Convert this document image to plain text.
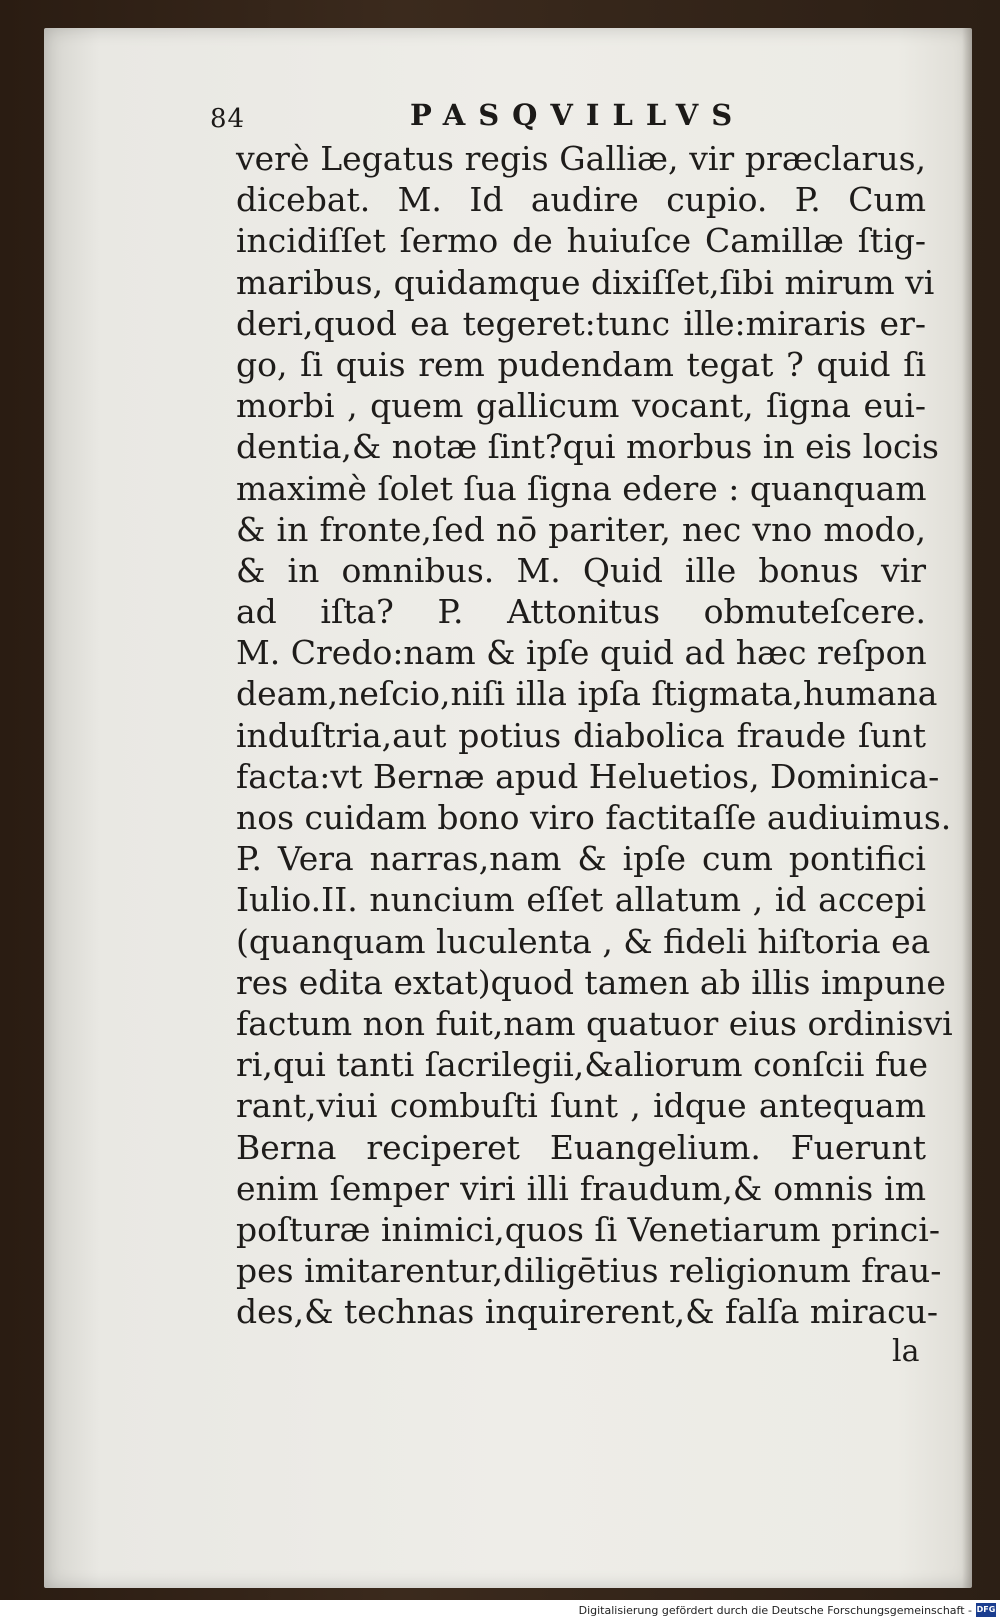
84	PASQVILLVS
verè Legatus regis Galliæ, vir præclarus,
dicebat. M. Id audire cupio. P. Cum
incidiſſet ſermo de huiuſce Camillæ ſtig-
maribus, quidamque dixiſſet,ſibi mirum vi
deri,quod ea tegeret:tunc ille:miraris er-
go, ſi quis rem pudendam tegat ? quid ſi
morbi , quem gallicum vocant, ſigna eui-
dentia,& notæ ſint?qui morbus in eis locis
maximè ſolet ſua ſigna edere : quanquam
& in fronte,ſed nō pariter, nec vno modo,
& in omnibus. M. Quid ille bonus vir
ad iſta? P. Attonitus obmuteſcere.
M. Credo:nam & ipſe quid ad hæc reſpon
deam,neſcio,niſi illa ipſa ſtigmata,humana
induſtria,aut potius diabolica fraude ſunt
facta:vt Bernæ apud Heluetios, Dominica-
nos cuidam bono viro factitaſſe audiuimus.
P. Vera narras,nam & ipſe cum pontifici
Iulio.II. nuncium eſſet allatum , id accepi
(quanquam luculenta , & fideli hiſtoria ea
res edita extat)quod tamen ab illis impune
factum non fuit,nam quatuor eius ordinisvi
ri,qui tanti ſacrilegii,&aliorum conſcii fue
rant,viui combuſti ſunt , idque antequam
Berna reciperet Euangelium. Fuerunt
enim ſemper viri illi fraudum,& omnis im
poſturæ inimici,quos ſi Venetiarum princi-
pes imitarentur,diligētius religionum frau-
des,& technas inquirerent,& falſa miracu-
la
Digitalisierung gefördert durch die Deutsche Forschungsgemeinschaft - DFG
